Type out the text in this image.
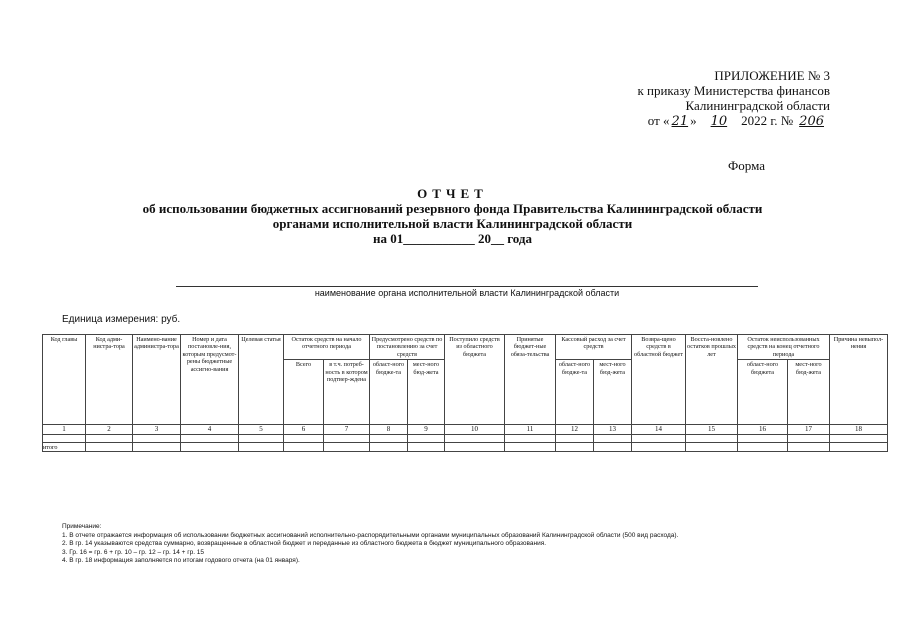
ПРИЛОЖЕНИЕ № 3
к приказу Министерства финансов
Калининградской области
от « 21 » 10 2022 г. № 206
Форма
ОТЧЕТ
об использовании бюджетных ассигнований резервного фонда Правительства Калининградской области
органами исполнительной власти Калининградской области
на 01___________ 20__ года
наименование органа исполнительной власти Калининградской области
Единица измерения: руб.
Код главы	Код адми-нистра-тора	Наимено-вание администра-тора	Номер и дата постановле-ния, которым предусмот-рены бюджетные ассигно-вания	Целевая статья	Остаток средств на начало отчетного периода		Предусмотрено средств по постановлению за счет средств		Поступило средств из областного бюджета	Принятые бюджет-ные обяза-тельства	Кассовый расход за счет средств		Возвра-щено средств в областной бюджет	Восста-новлено остатков прошлых лет	Остаток неиспользованных средств на конец отчетного периода		Причина невыпол-нения
					Всего	в т.ч. потреб-ность в котором подтвер-ждена	област-ного бюдже-та	мест-ного бюд-жета			област-ного бюдже-та	мест-ного бюд-жета			област-ного бюджета	мест-ного бюд-жета	
1	2	3	4	5	6	7	8	9	10	11	12	13	14	15	16	17	18

итого																	
Примечание:
1. В отчете отражается информация об использовании бюджетных ассигнований исполнительно-распорядительными органами муниципальных образований Калининградской области (500 вид расхода).
2. В гр. 14 указываются средства суммарно, возвращенные в областной бюджет и переданные из областного бюджета в бюджет муниципального образования.
3. Гр. 16 = гр. 6 + гр. 10 – гр. 12 – гр. 14 + гр. 15
4. В гр. 18 информация заполняется по итогам годового отчета (на 01 января).
